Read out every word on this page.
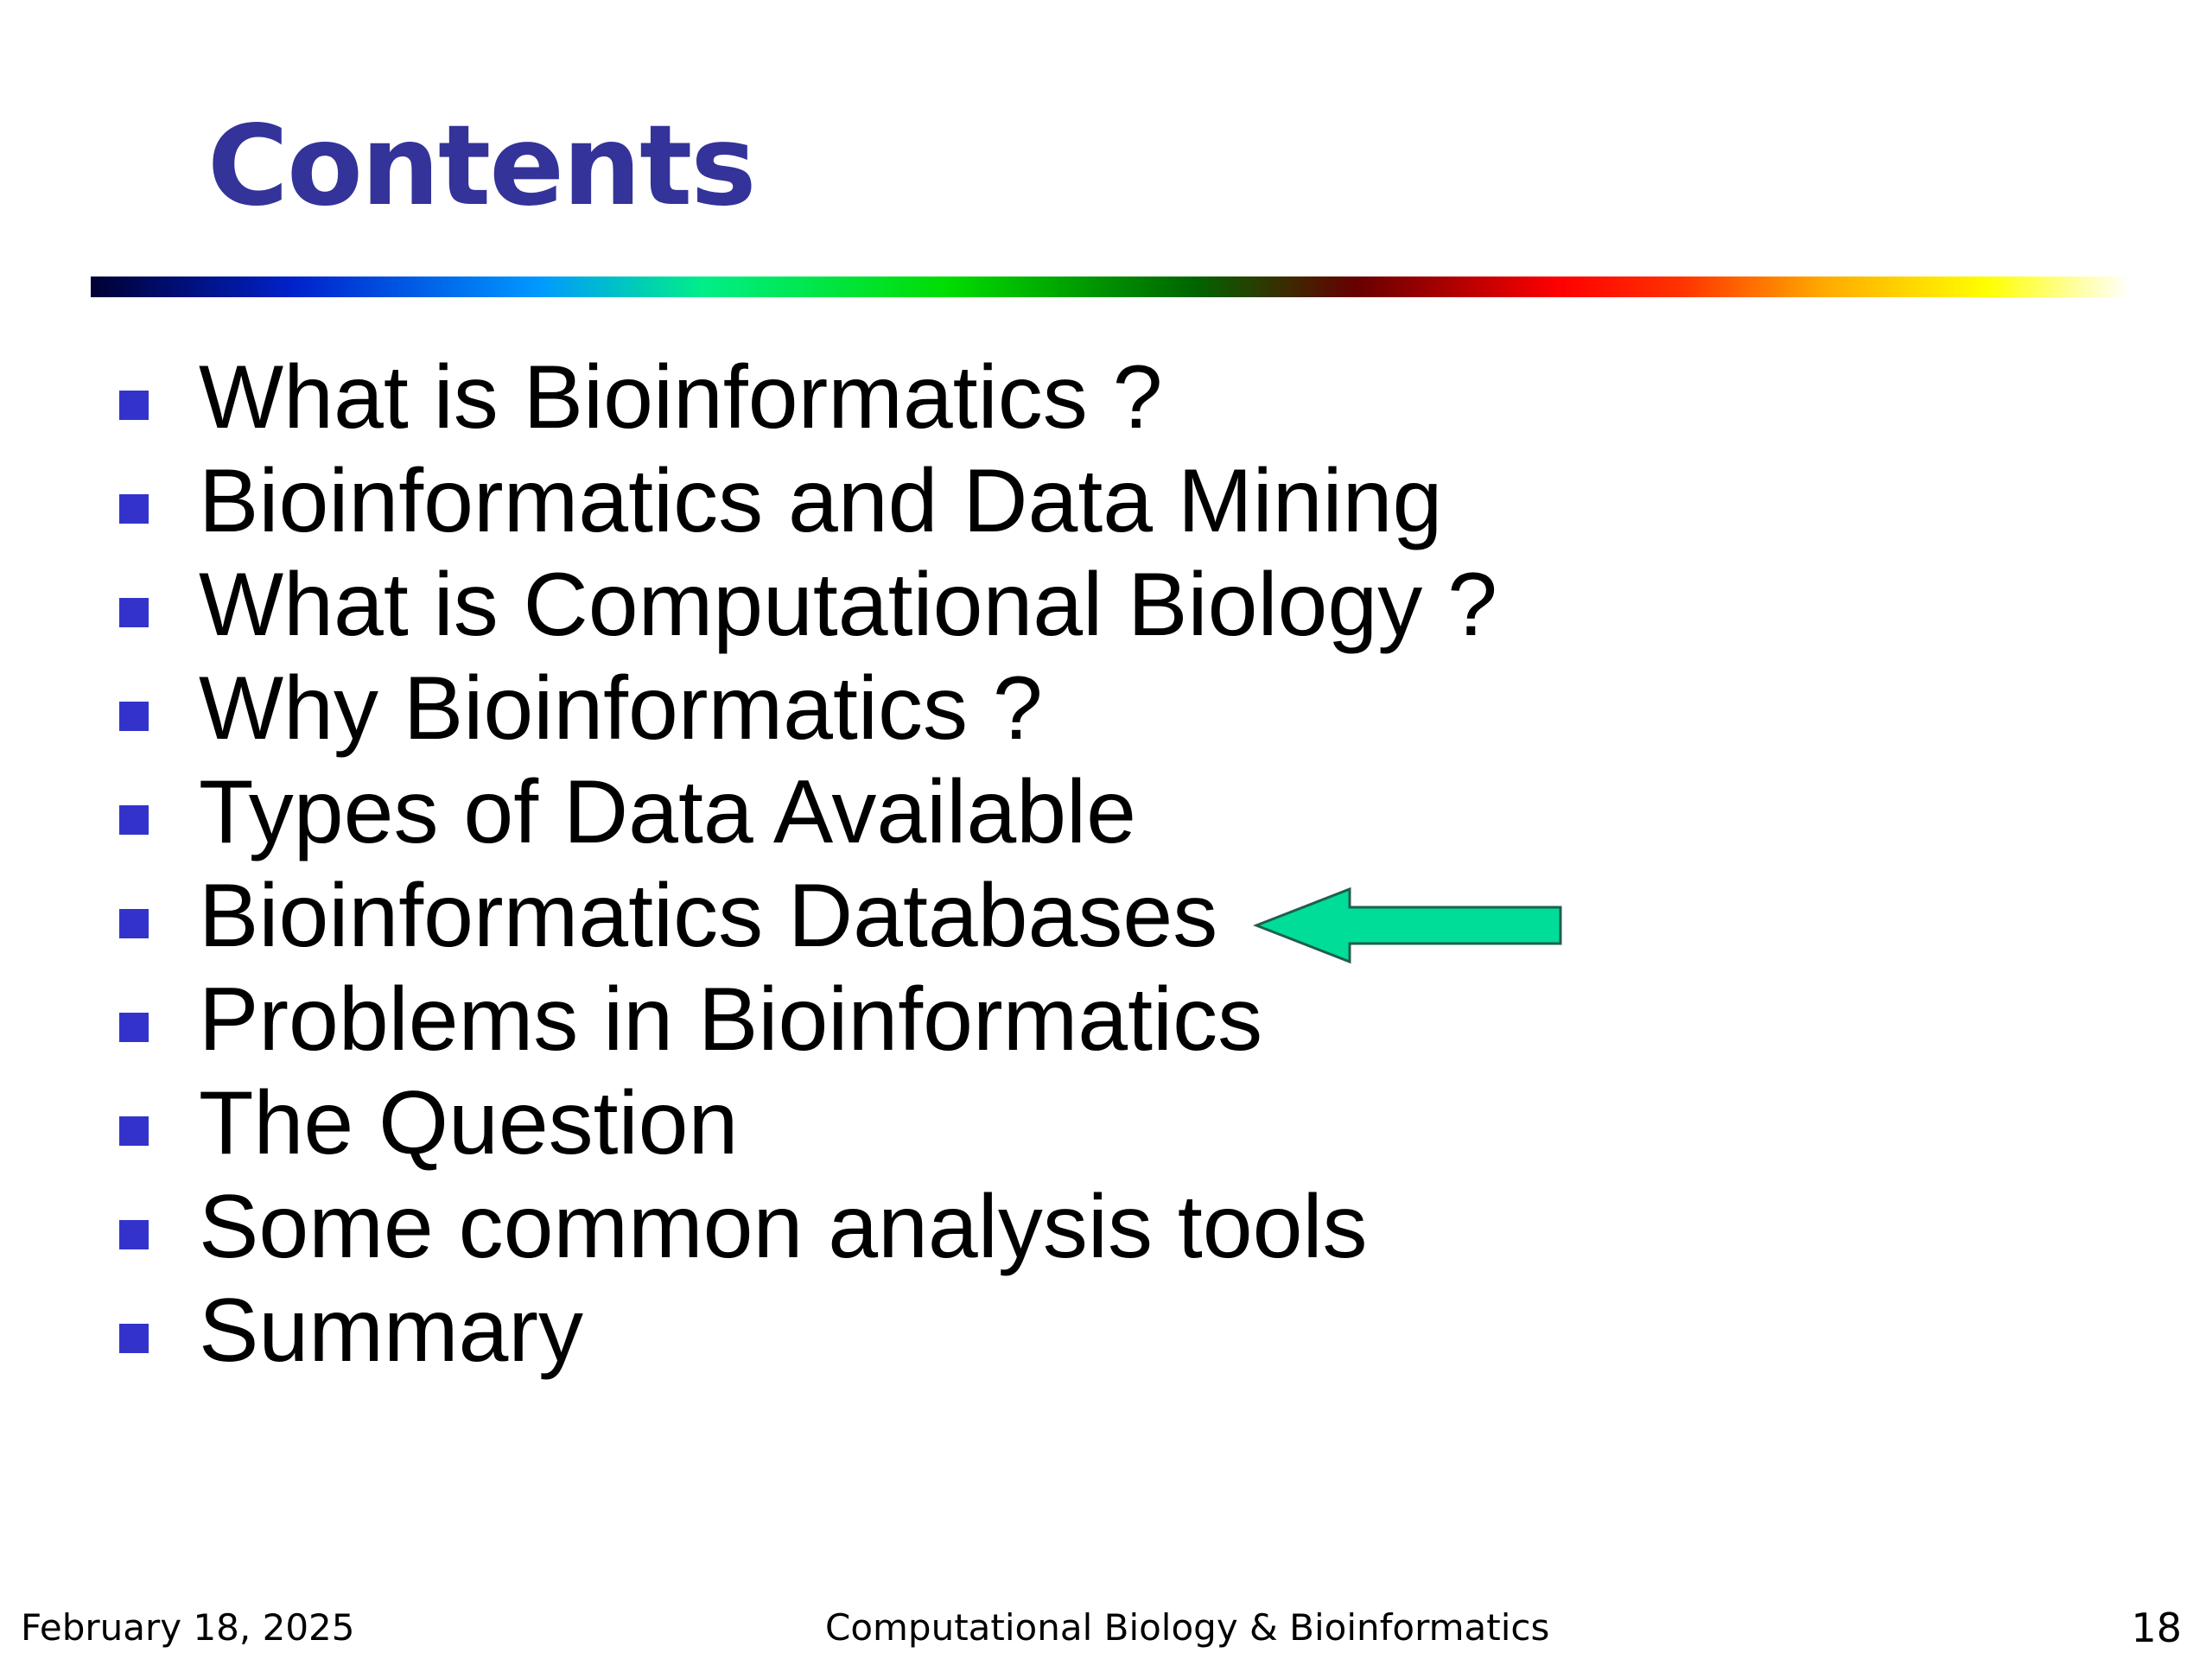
Contents
What is Bioinformatics ?
Bioinformatics and Data Mining
What is Computational Biology ?
Why Bioinformatics ?
Types of Data Available
Bioinformatics Databases
Problems in Bioinformatics
The Question
Some common analysis tools
Summary
February 18, 2025	Computational Biology & Bioinformatics	18
